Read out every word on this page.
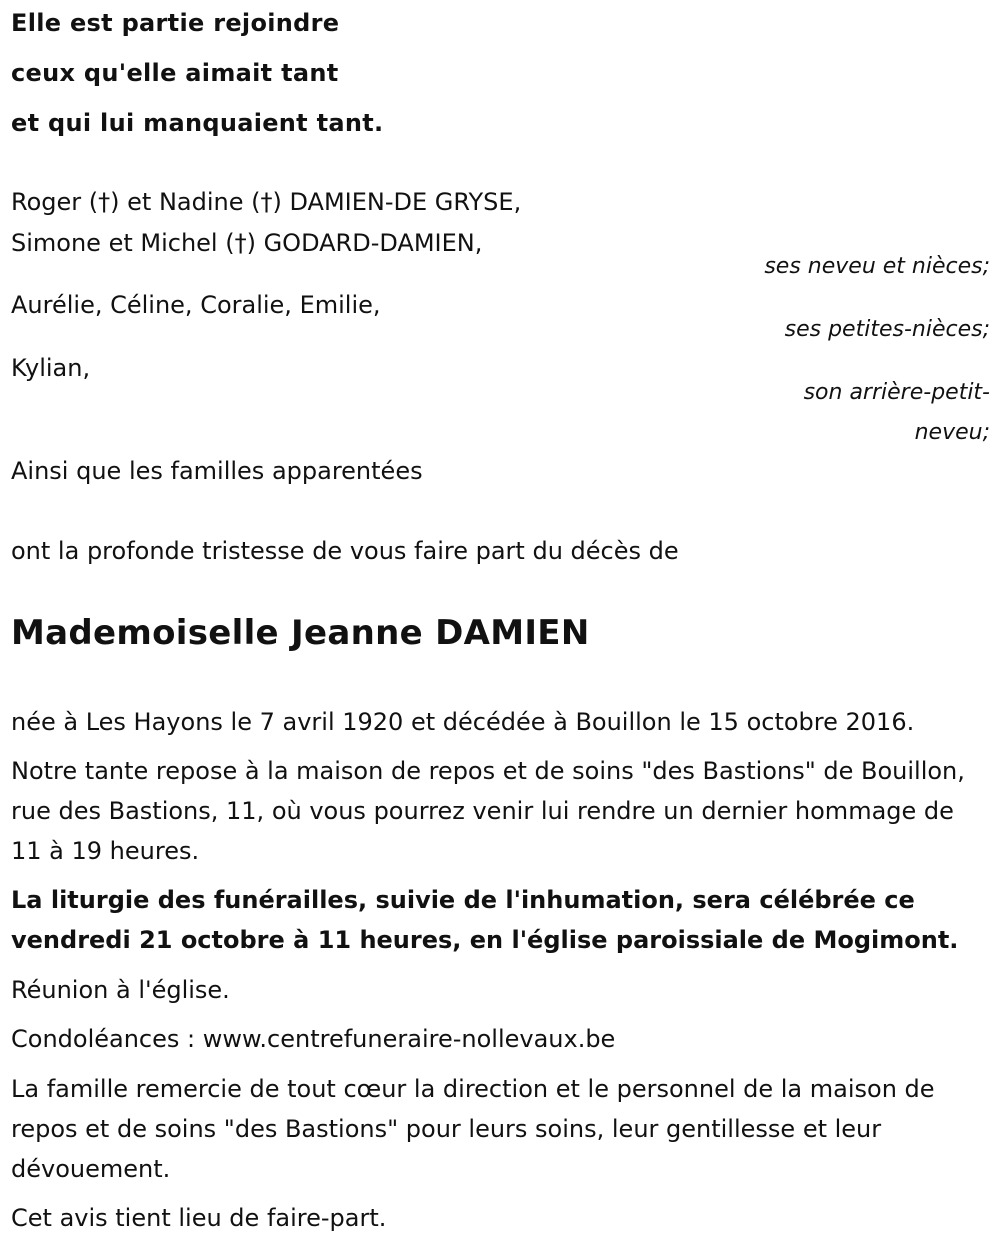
Elle est partie rejoindre
ceux qu'elle aimait tant
et qui lui manquaient tant.
Roger (†) et Nadine (†) DAMIEN-DE GRYSE,
Simone et Michel (†) GODARD-DAMIEN,
ses neveu et nièces;
Aurélie, Céline, Coralie, Emilie,
ses petites-nièces;
Kylian,
son arrière-petit-
neveu;
Ainsi que les familles apparentées
ont la profonde tristesse de vous faire part du décès de
Mademoiselle Jeanne DAMIEN
née à Les Hayons le 7 avril 1920 et décédée à Bouillon le 15 octobre 2016.
Notre tante repose à la maison de repos et de soins "des Bastions" de Bouillon, rue des Bastions, 11, où vous pourrez venir lui rendre un dernier hommage de 11 à 19 heures.
La liturgie des funérailles, suivie de l'inhumation, sera célébrée ce vendredi 21 octobre à 11 heures, en l'église paroissiale de Mogimont.
Réunion à l'église.
Condoléances : www.centrefuneraire-nollevaux.be
La famille remercie de tout cœur la direction et le personnel de la maison de repos et de soins "des Bastions" pour leurs soins, leur gentillesse et leur dévouement.
Cet avis tient lieu de faire-part.
